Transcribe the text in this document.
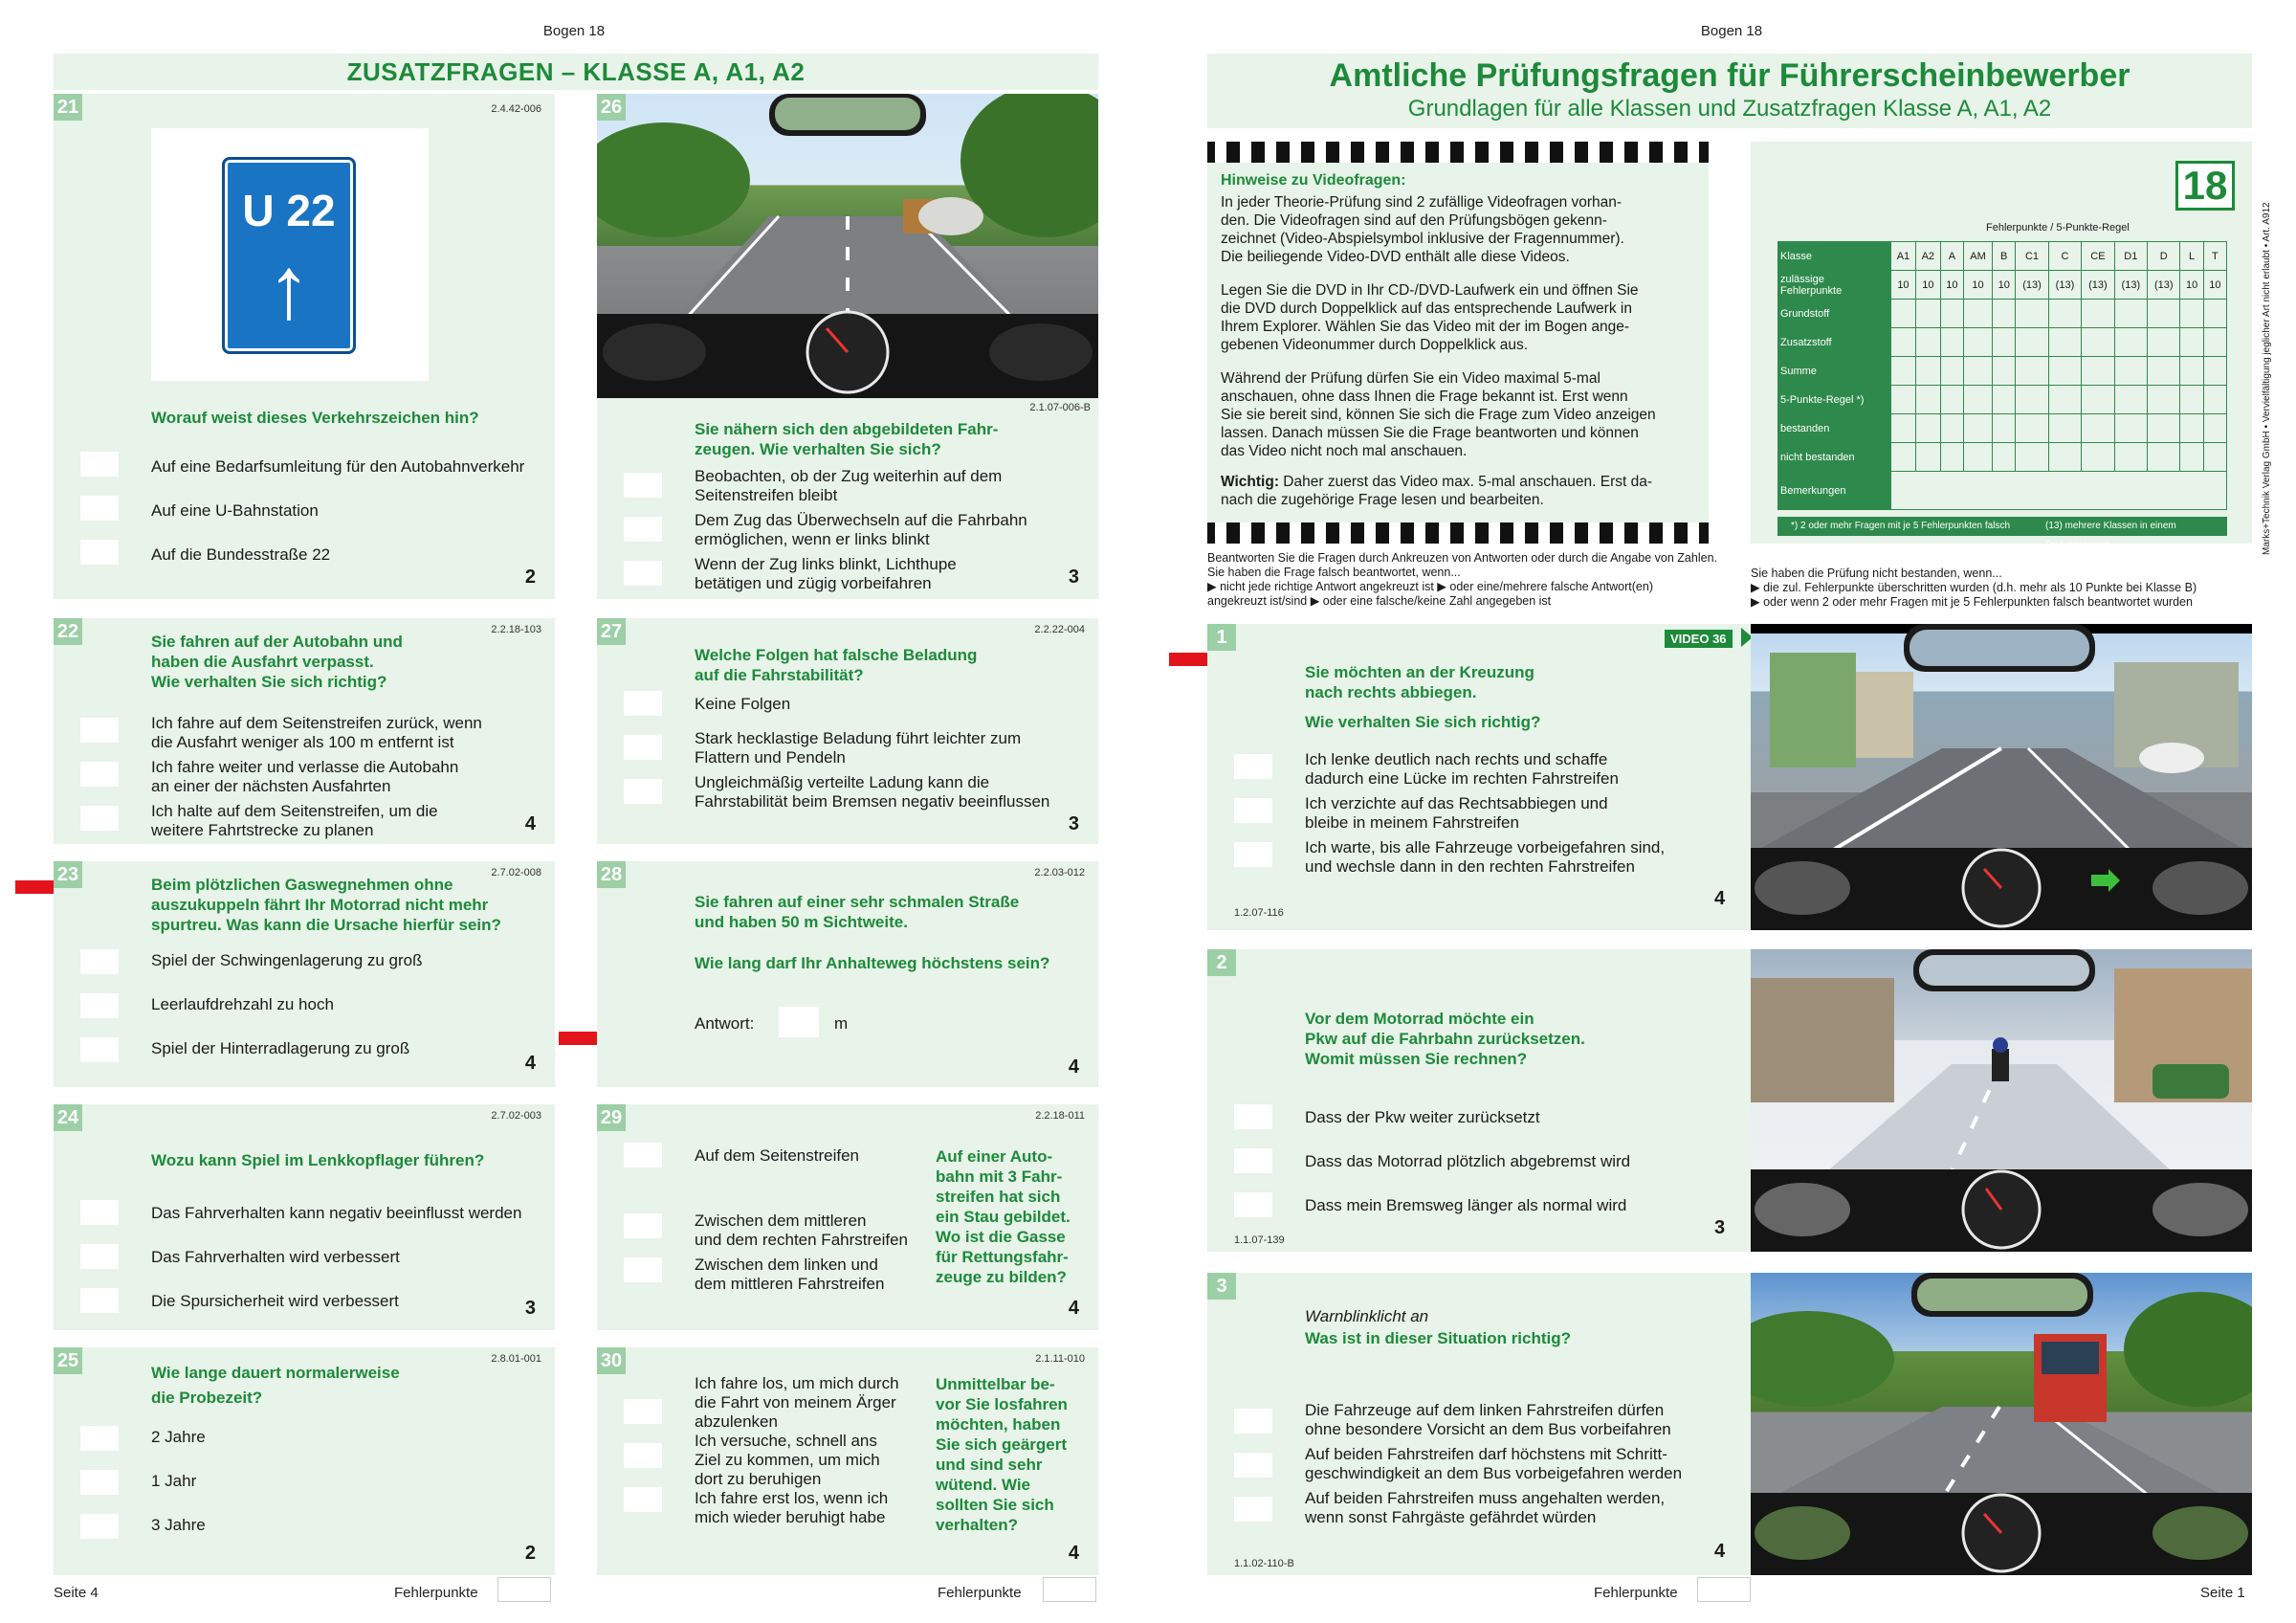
Bogen 18
ZUSATZFRAGEN – KLASSE A, A1, A2
21	2.4.42-006
U 22
↑
Worauf weist dieses Verkehrszeichen hin?
Auf eine Bedarfsumleitung für den Autobahnverkehr
Auf eine U-Bahnstation
Auf die Bundesstraße 22
2
22	2.2.18-103
Sie fahren auf der Autobahn und
haben die Ausfahrt verpasst.
Wie verhalten Sie sich richtig?
Ich fahre auf dem Seitenstreifen zurück, wenn
die Ausfahrt weniger als 100 m entfernt ist
Ich fahre weiter und verlasse die Autobahn
an einer der nächsten Ausfahrten
Ich halte auf dem Seitenstreifen, um die
weitere Fahrtstrecke zu planen	4
23	2.7.02-008
Beim plötzlichen Gaswegnehmen ohne
auszukuppeln fährt Ihr Motorrad nicht mehr
spurtreu. Was kann die Ursache hierfür sein?
Spiel der Schwingenlagerung zu groß
Leerlaufdrehzahl zu hoch
Spiel der Hinterradlagerung zu groß
4
24	2.7.02-003
Wozu kann Spiel im Lenkkopflager führen?
Das Fahrverhalten kann negativ beeinflusst werden
Das Fahrverhalten wird verbessert
Die Spursicherheit wird verbessert	3
25	2.8.01-001
Wie lange dauert normalerweise
die Probezeit?
2 Jahre
1 Jahr
3 Jahre
2
26
2.1.07-006-B
Sie nähern sich den abgebildeten Fahr-
zeugen. Wie verhalten Sie sich?
Beobachten, ob der Zug weiterhin auf dem
Seitenstreifen bleibt
Dem Zug das Überwechseln auf die Fahrbahn
ermöglichen, wenn er links blinkt
Wenn der Zug links blinkt, Lichthupe
betätigen und zügig vorbeifahren	3
27	2.2.22-004
Welche Folgen hat falsche Beladung
auf die Fahrstabilität?
Keine Folgen
Stark hecklastige Beladung führt leichter zum
Flattern und Pendeln
Ungleichmäßig verteilte Ladung kann die
Fahrstabilität beim Bremsen negativ beeinflussen
3
28	2.2.03-012
Sie fahren auf einer sehr schmalen Straße
und haben 50 m Sichtweite.
Wie lang darf Ihr Anhalteweg höchstens sein?
Antwort:	m
4
29	2.2.18-011
Auf dem Seitenstreifen
Zwischen dem mittleren
und dem rechten Fahrstreifen
Zwischen dem linken und
dem mittleren Fahrstreifen
Auf einer Auto-
bahn mit 3 Fahr-
streifen hat sich
ein Stau gebildet.
Wo ist die Gasse
für Rettungsfahr-
zeuge zu bilden?
4
30	2.1.11-010
Ich fahre los, um mich durch
die Fahrt von meinem Ärger
abzulenken
Ich versuche, schnell ans
Ziel zu kommen, um mich
dort zu beruhigen
Ich fahre erst los, wenn ich
mich wieder beruhigt habe
Unmittelbar be-
vor Sie losfahren
möchten, haben
Sie sich geärgert
und sind sehr
wütend. Wie
sollten Sie sich
verhalten?
4
Seite 4	Fehlerpunkte	Fehlerpunkte
Bogen 18
Amtliche Prüfungsfragen für Führerscheinbewerber
Grundlagen für alle Klassen und Zusatzfragen Klasse A, A1, A2
Hinweise zu Videofragen:
In jeder Theorie-Prüfung sind 2 zufällige Videofragen vorhan-
den. Die Videofragen sind auf den Prüfungsbögen gekenn-
zeichnet (Video-Abspielsymbol inklusive der Fragennummer).
Die beiliegende Video-DVD enthält alle diese Videos.
Legen Sie die DVD in Ihr CD-/DVD-Laufwerk ein und öffnen Sie
die DVD durch Doppelklick auf das entsprechende Laufwerk in
Ihrem Explorer. Wählen Sie das Video mit der im Bogen ange-
gebenen Videonummer durch Doppelklick aus.
Während der Prüfung dürfen Sie ein Video maximal 5-mal
anschauen, ohne dass Ihnen die Frage bekannt ist. Erst wenn
Sie sie bereit sind, können Sie sich die Frage zum Video anzeigen
lassen. Danach müssen Sie die Frage beantworten und können
das Video nicht noch mal anschauen.
Wichtig: Daher zuerst das Video max. 5-mal anschauen. Erst da-
nach die zugehörige Frage lesen und bearbeiten.
18
Fehlerpunkte / 5-Punkte-Regel
Klasse	A1	A2	A	AM	B	C1	C	CE	D1	D	L	T
zulässige Fehlerpunkte	10	10	10	10	10	(13)	(13)	(13)	(13)	(13)	10	10
Grundstoff												
Zusatzstoff												
Summe												
5-Punkte-Regel *)												
bestanden												
nicht bestanden												
Bemerkungen												
*) 2 oder mehr Fragen mit je 5 Fehlerpunkten falsch	(13) mehrere Klassen in einem Prüfungstermin	Marks+Technik Verlag GmbH • Vervielfältigung jeglicher Art nicht erlaubt • Art. A912
Beantworten Sie die Fragen durch Ankreuzen von Antworten oder durch die Angabe von Zahlen.
Sie haben die Frage falsch beantwortet, wenn...
▶ nicht jede richtige Antwort angekreuzt ist ▶ oder eine/mehrere falsche Antwort(en)
angekreuzt ist/sind ▶ oder eine falsche/keine Zahl angegeben ist
Sie haben die Prüfung nicht bestanden, wenn...
▶ die zul. Fehlerpunkte überschritten wurden (d.h. mehr als 10 Punkte bei Klasse B)
▶ oder wenn 2 oder mehr Fragen mit je 5 Fehlerpunkten falsch beantwortet wurden
1	VIDEO 36
Sie möchten an der Kreuzung
nach rechts abbiegen.
Wie verhalten Sie sich richtig?
Ich lenke deutlich nach rechts und schaffe
dadurch eine Lücke im rechten Fahrstreifen
Ich verzichte auf das Rechtsabbiegen und
bleibe in meinem Fahrstreifen
Ich warte, bis alle Fahrzeuge vorbeigefahren sind,
und wechsle dann in den rechten Fahrstreifen
1.2.07-116
4
2
Vor dem Motorrad möchte ein
Pkw auf die Fahrbahn zurücksetzen.
Womit müssen Sie rechnen?
Dass der Pkw weiter zurücksetzt
Dass das Motorrad plötzlich abgebremst wird
Dass mein Bremsweg länger als normal wird
1.1.07-139
3
3
Warnblinklicht an
Was ist in dieser Situation richtig?
Die Fahrzeuge auf dem linken Fahrstreifen dürfen
ohne besondere Vorsicht an dem Bus vorbeifahren
Auf beiden Fahrstreifen darf höchstens mit Schritt-
geschwindigkeit an dem Bus vorbeigefahren werden
Auf beiden Fahrstreifen muss angehalten werden,
wenn sonst Fahrgäste gefährdet würden
1.1.02-110-B
4
Fehlerpunkte	Seite 1
